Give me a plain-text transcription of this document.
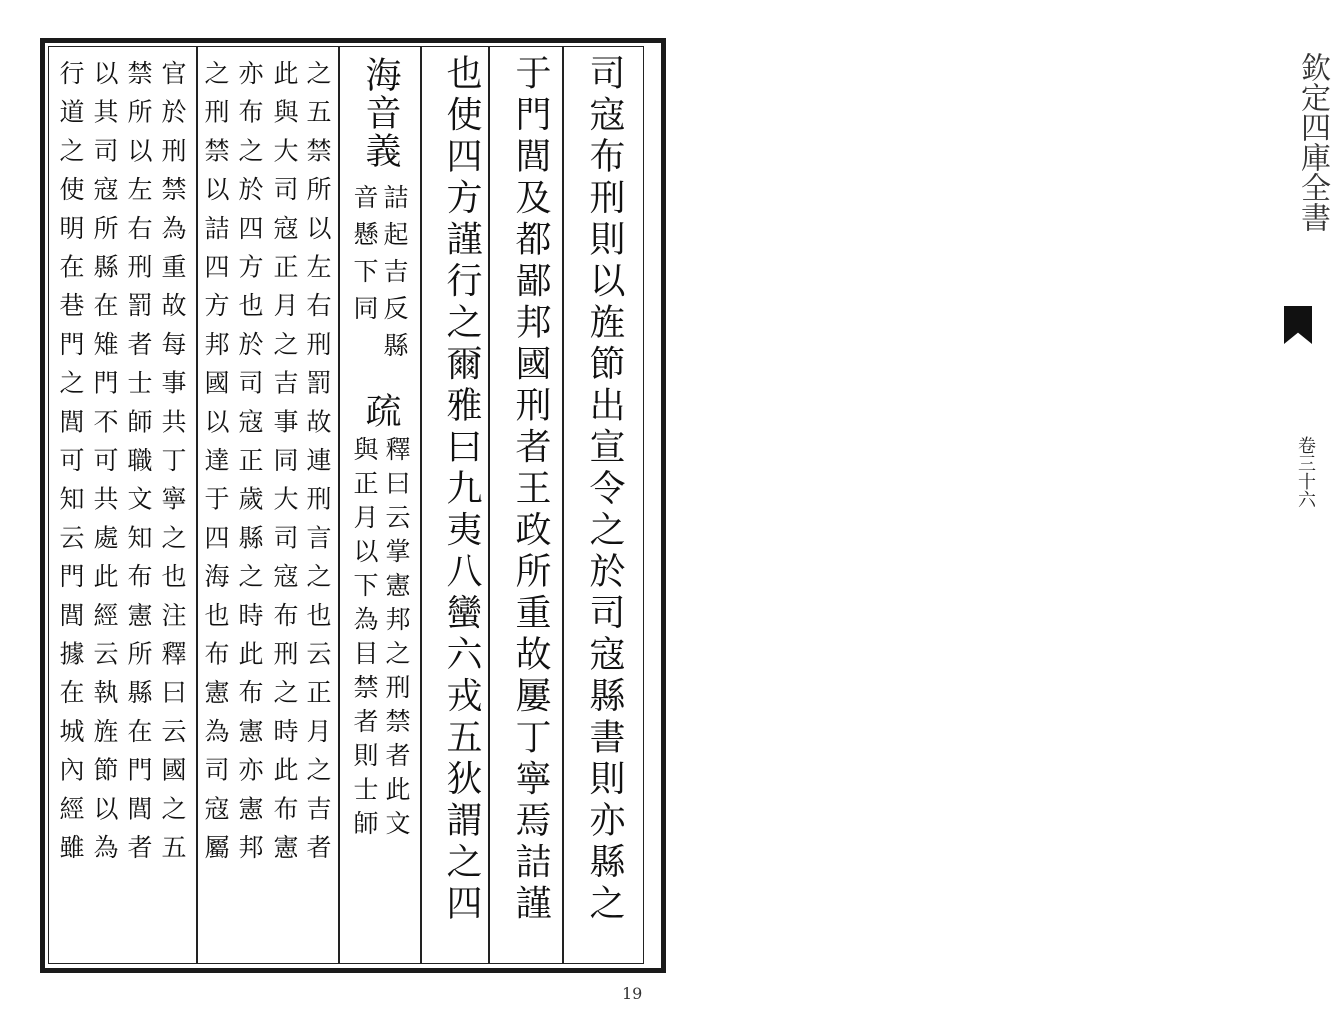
欽定四庫全書
卷三十六
司寇布刑則以旌節出宣令之於司寇縣書則亦縣之
于門閭及都鄙邦國刑者王政所重故屢丁寧焉詰謹
也使四方謹行之爾雅曰九夷八蠻六戎五狄謂之四
海音義
詰起吉反縣
音懸下同
疏
釋曰云掌憲邦之刑禁者此文
與正月以下為目禁者則士師
之五禁所以左右刑罰故連刑言之也云正月之吉者
此與大司寇正月之吉事同大司寇布刑之時此布憲
亦布之於四方也於司寇正歲縣之時此布憲亦憲邦
之刑禁以詰四方邦國以達于四海也布憲為司寇屬
官於刑禁為重故每事共丁寧之也注釋曰云國之五
禁所以左右刑罰者士師職文知布憲所縣在門閭者
以其司寇所縣在雉門不可共處此經云執旌節以為
行道之使明在巷門之閭可知云門閭據在城內經雖
19
